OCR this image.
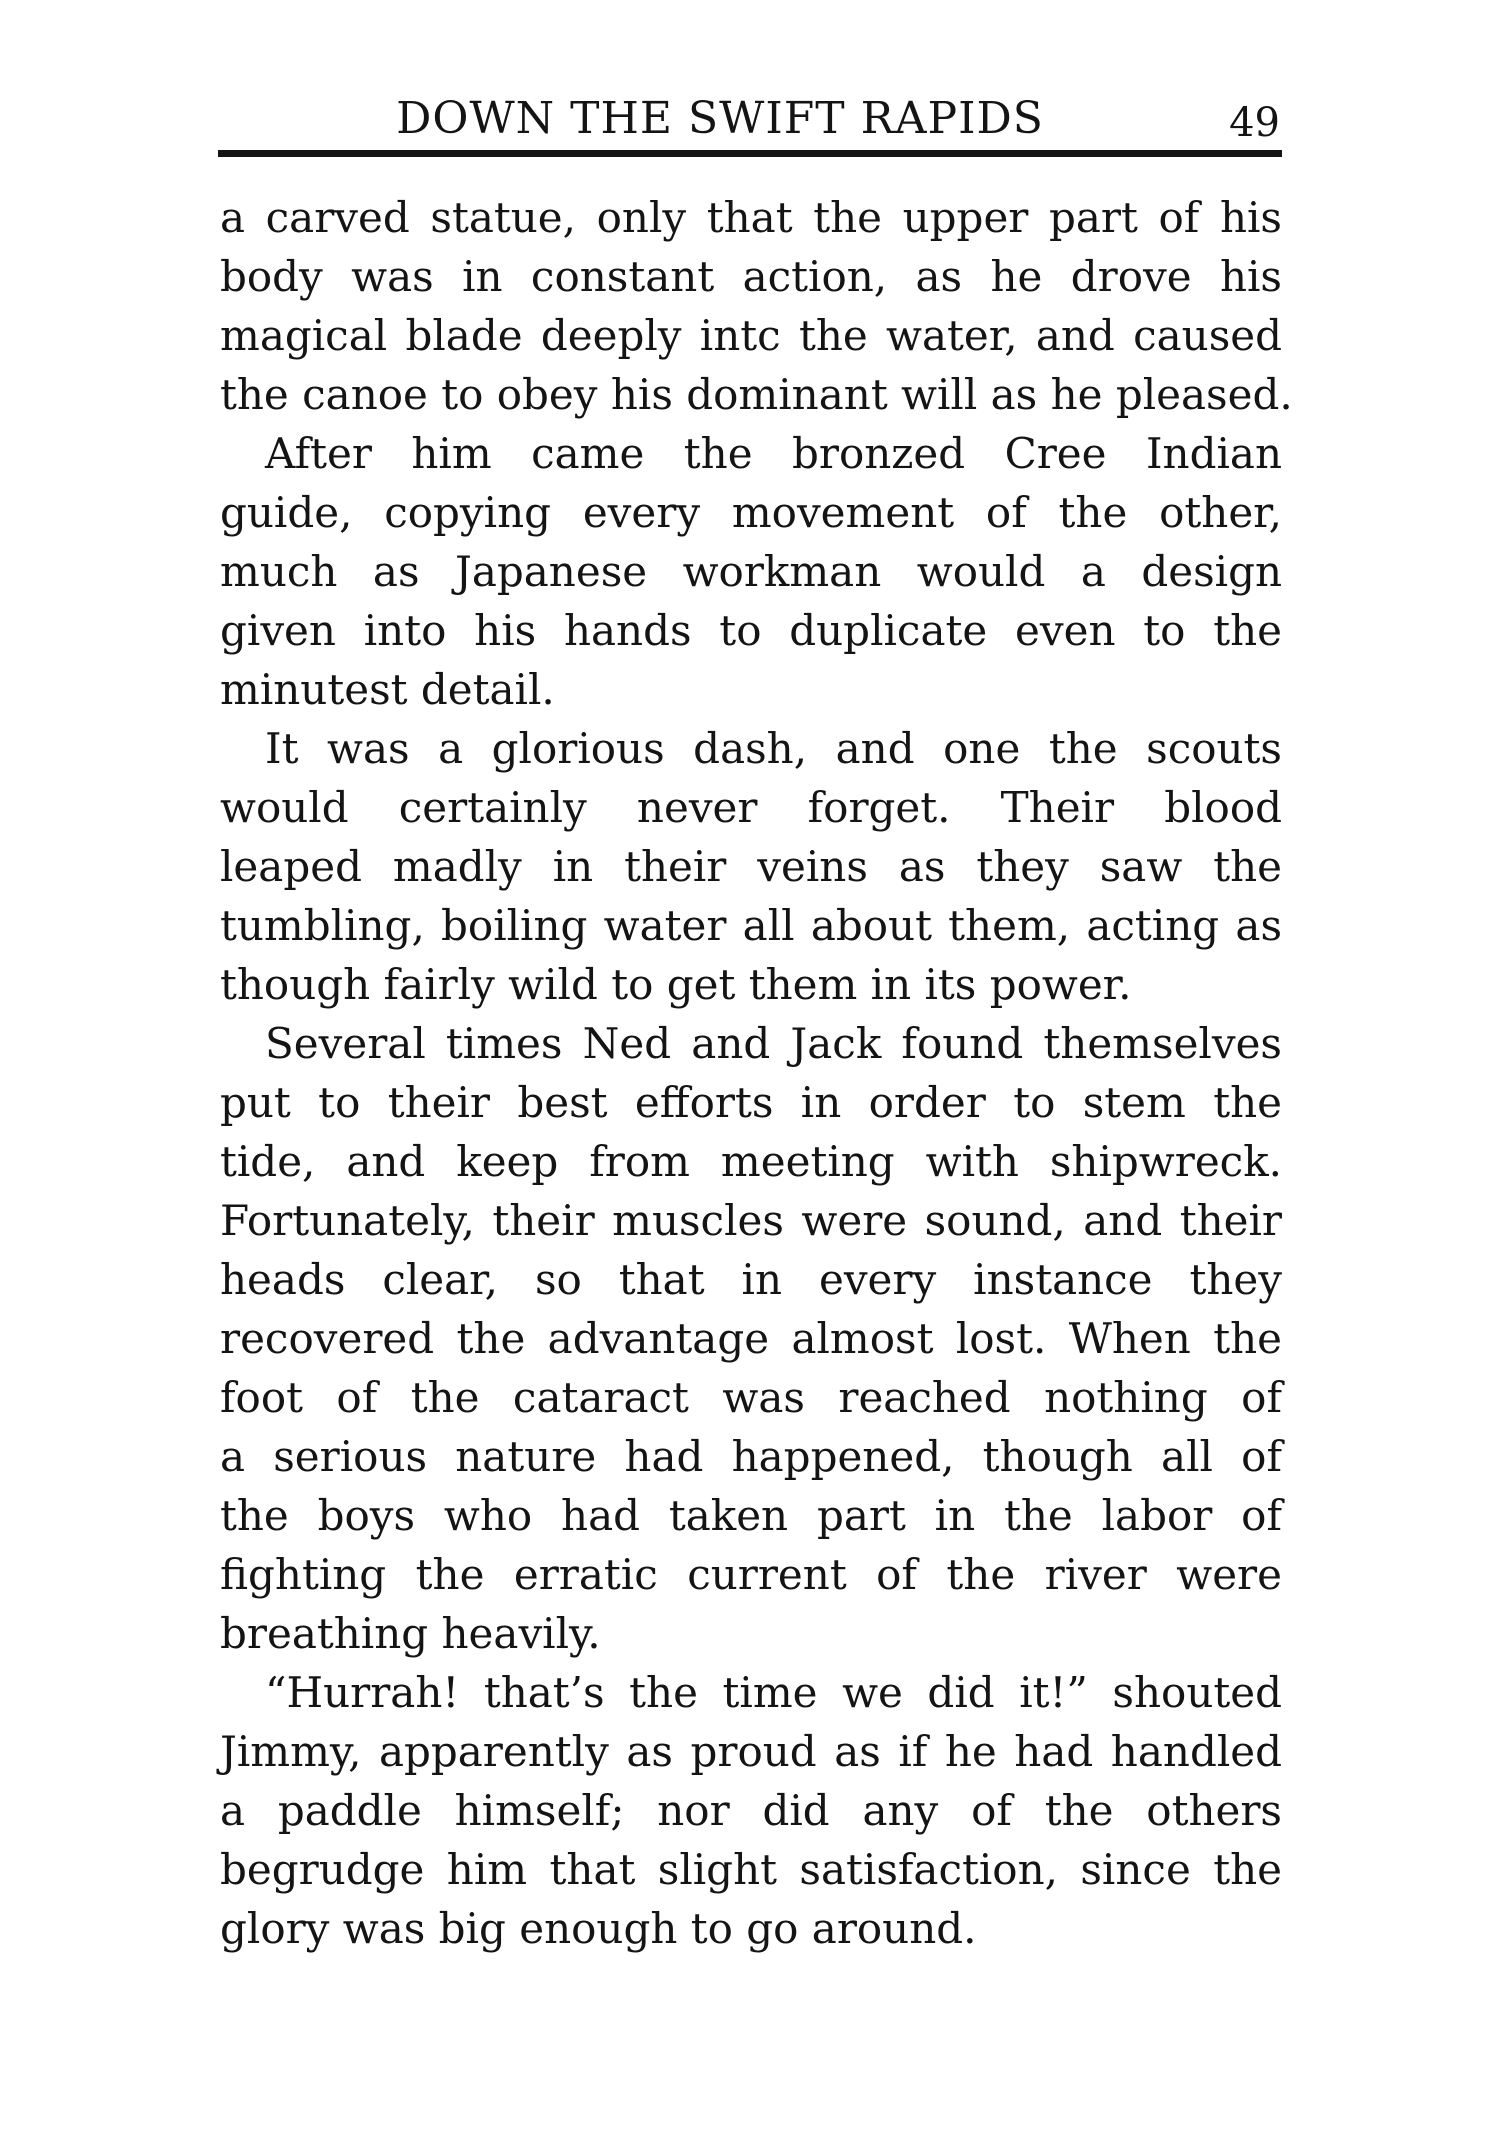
DOWN THE SWIFT RAPIDS	49
a carved statue, only that the upper part of his
body was in constant action, as he drove his
magical blade deeply intc the water, and caused
the canoe to obey his dominant will as he pleased.
After him came the bronzed Cree Indian
guide, copying every movement of the other,
much as Japanese workman would a design
given into his hands to duplicate even to the
minutest detail.
It was a glorious dash, and one the scouts
would certainly never forget. Their blood
leaped madly in their veins as they saw the
tumbling, boiling water all about them, acting as
though fairly wild to get them in its power.
Several times Ned and Jack found themselves
put to their best efforts in order to stem the
tide, and keep from meeting with shipwreck.
Fortunately, their muscles were sound, and their
heads clear, so that in every instance they
recovered the advantage almost lost. When the
foot of the cataract was reached nothing of
a serious nature had happened, though all of
the boys who had taken part in the labor of
fighting the erratic current of the river were
breathing heavily.
“Hurrah! that’s the time we did it!” shouted
Jimmy, apparently as proud as if he had handled
a paddle himself; nor did any of the others
begrudge him that slight satisfaction, since the
glory was big enough to go around.
